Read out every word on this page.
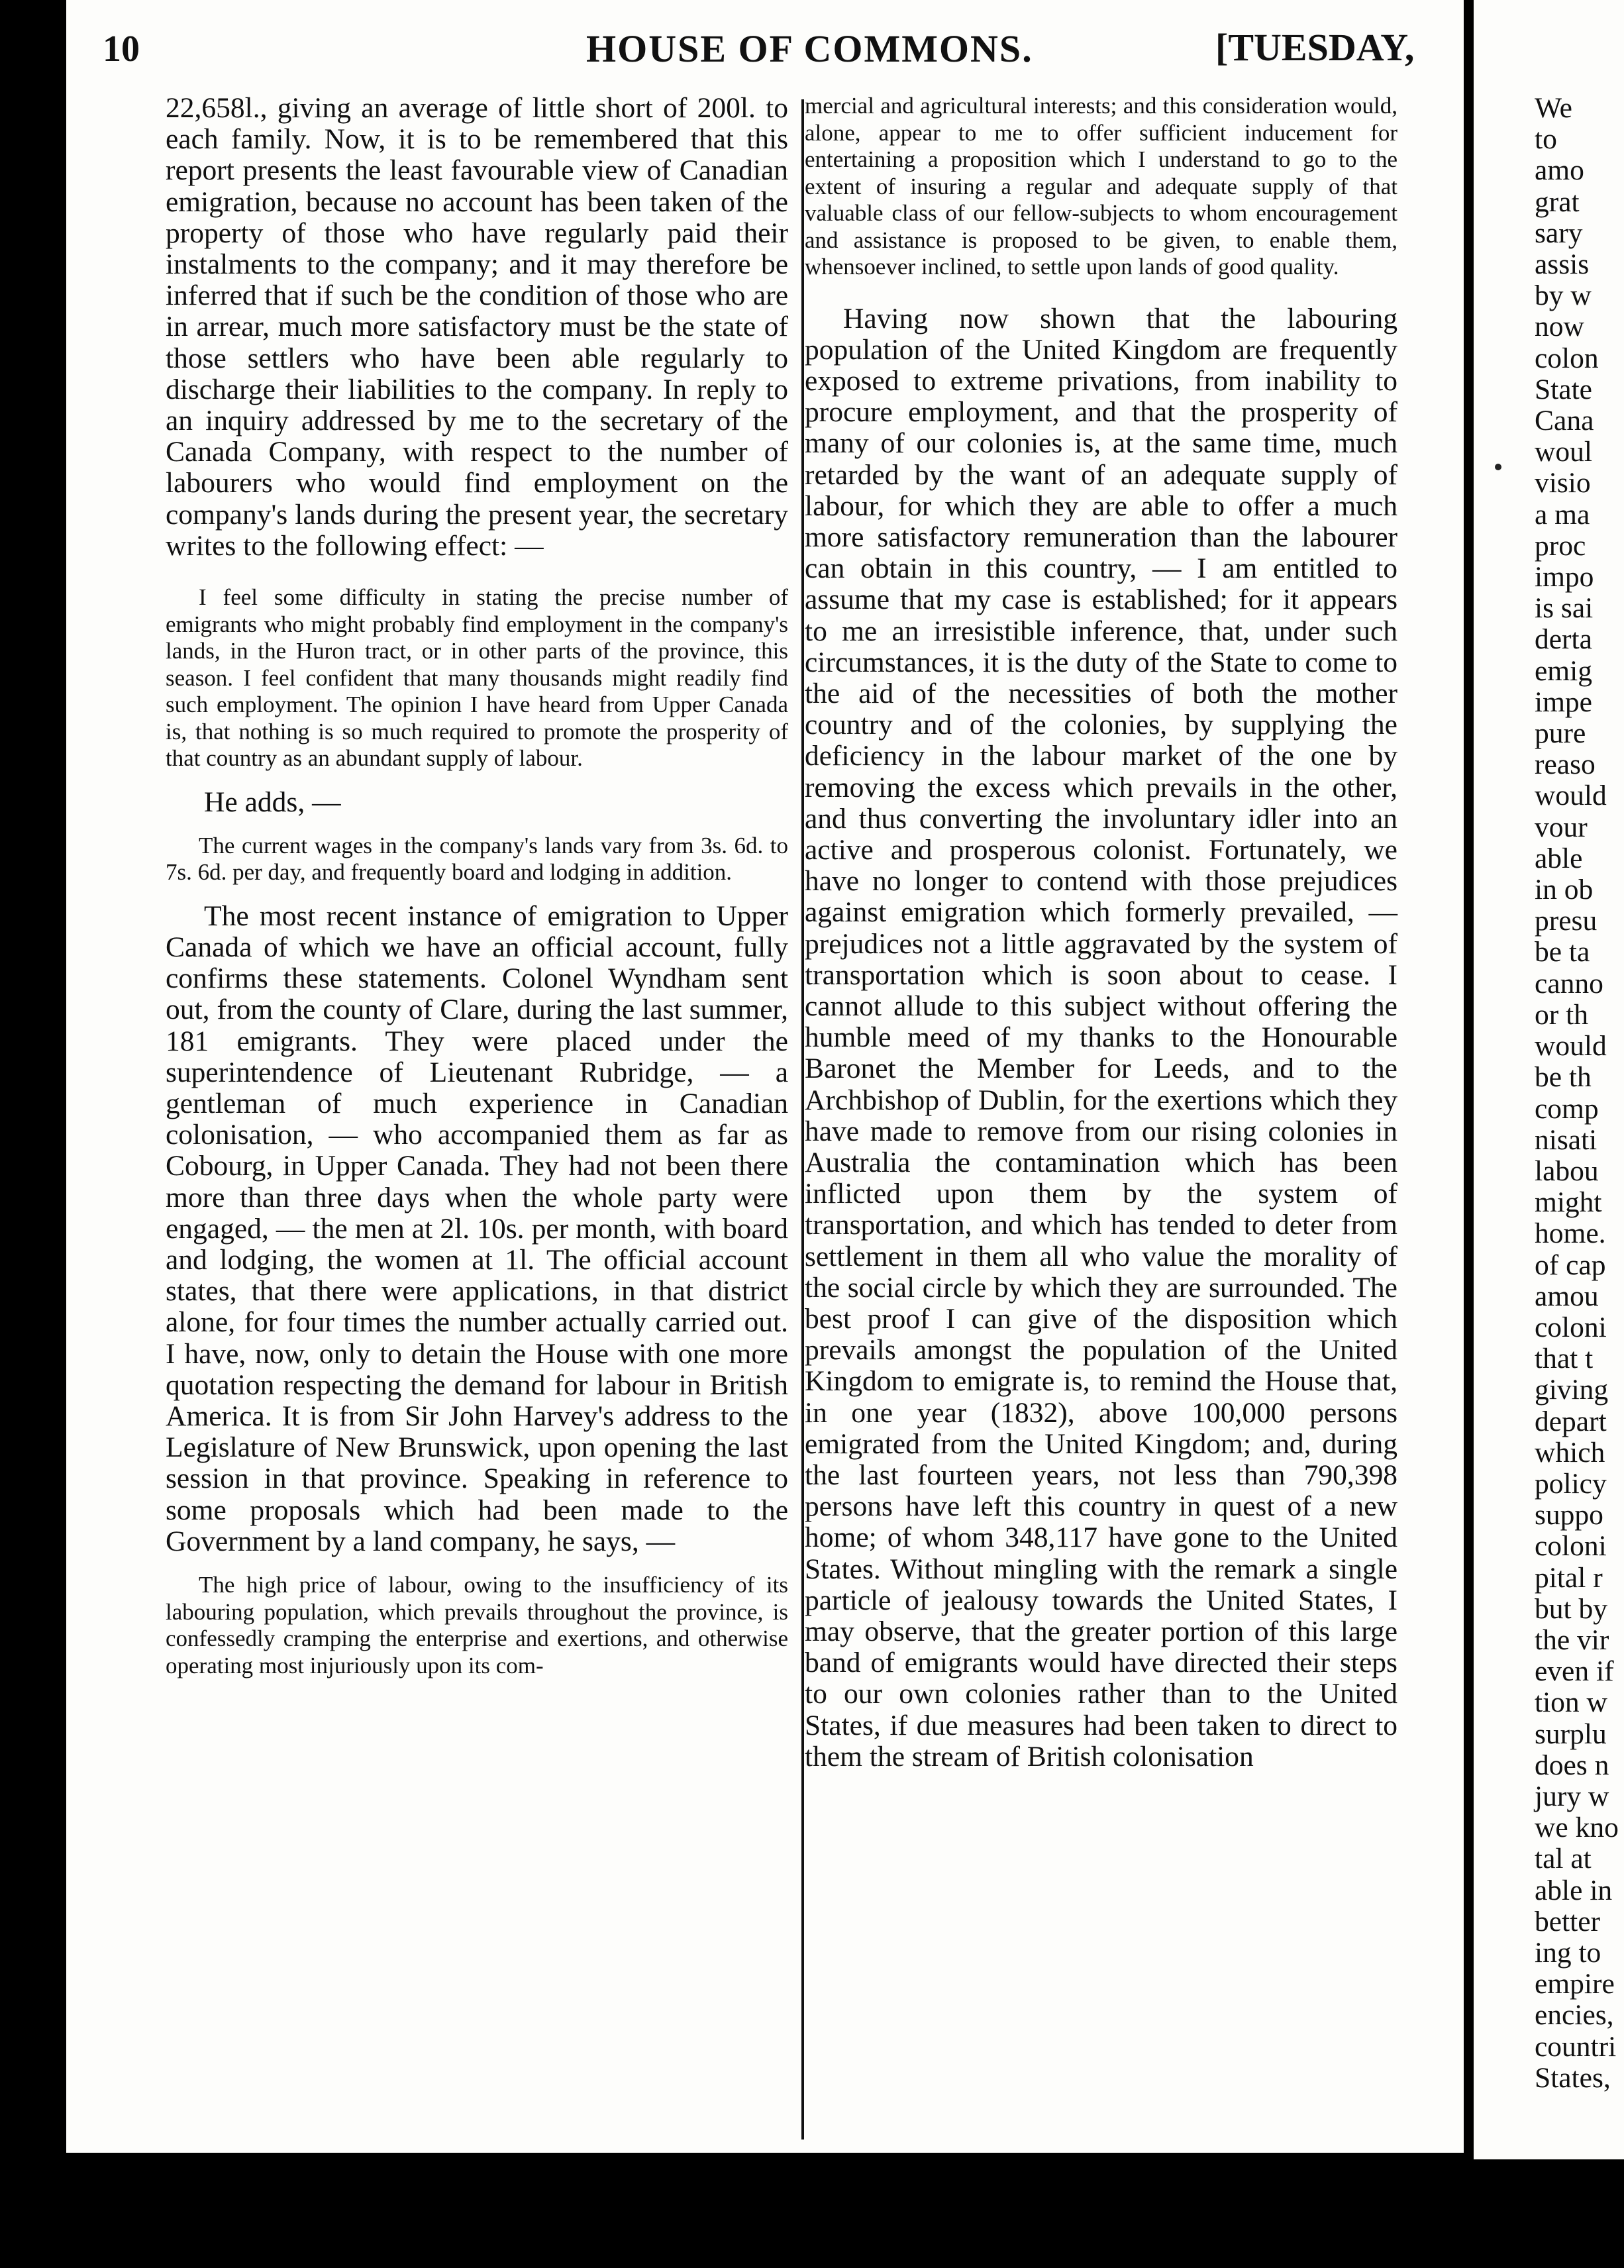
We
to
amo
grat
sary
assis
by w
now
colon
State
Cana
woul
visio
a ma
proc
impo
is sai
derta
emig
impe
pure
reaso
would
vour
able
in ob
presu
be ta
canno
or th
would
be th
comp
nisati
labou
might
home.
of cap
amou
coloni
that t
giving
depart
which
policy
suppo
coloni
pital r
but by
the vir
even if
tion w
surplu
does n
jury w
we kno
tal at
able in
better
ing to
empire
encies,
countri
States,
10	HOUSE OF COMMONS.	[TUESDAY,

22,658l., giving an average of little short of 200l. to each family. Now, it is to be remembered that this report presents the least favourable view of Canadian emigration, because no account has been taken of the property of those who have regularly paid their instalments to the company; and it may therefore be inferred that if such be the condition of those who are in arrear, much more satisfactory must be the state of those settlers who have been able regularly to discharge their liabilities to the company. In reply to an inquiry addressed by me to the secretary of the Canada Company, with respect to the number of labourers who would find employment on the company's lands during the present year, the secretary writes to the following effect: —

I feel some difficulty in stating the precise number of emigrants who might probably find employment in the company's lands, in the Huron tract, or in other parts of the province, this season. I feel confident that many thousands might readily find such employment. The opinion I have heard from Upper Canada is, that nothing is so much required to promote the prosperity of that country as an abundant supply of labour.

He adds, —

The current wages in the company's lands vary from 3s. 6d. to 7s. 6d. per day, and frequently board and lodging in addition.

The most recent instance of emigration to Upper Canada of which we have an official account, fully confirms these statements. Colonel Wyndham sent out, from the county of Clare, during the last summer, 181 emigrants. They were placed under the superintendence of Lieutenant Rubridge, — a gentleman of much experience in Canadian colonisation, — who accompanied them as far as Cobourg, in Upper Canada. They had not been there more than three days when the whole party were engaged, — the men at 2l. 10s. per month, with board and lodging, the women at 1l. The official account states, that there were applications, in that district alone, for four times the number actually carried out. I have, now, only to detain the House with one more quotation respecting the demand for labour in British America. It is from Sir John Harvey's address to the Legislature of New Brunswick, upon opening the last session in that province. Speaking in reference to some proposals which had been made to the Government by a land company, he says, —

The high price of labour, owing to the insufficiency of its labouring population, which prevails throughout the province, is confessedly cramping the enterprise and exertions, and otherwise operating most injuriously upon its com-

mercial and agricultural interests; and this consideration would, alone, appear to me to offer sufficient inducement for entertaining a proposition which I understand to go to the extent of insuring a regular and adequate supply of that valuable class of our fellow-subjects to whom encouragement and assistance is proposed to be given, to enable them, whensoever inclined, to settle upon lands of good quality.

Having now shown that the labouring population of the United Kingdom are frequently exposed to extreme privations, from inability to procure employment, and that the prosperity of many of our colonies is, at the same time, much retarded by the want of an adequate supply of labour, for which they are able to offer a much more satisfactory remuneration than the labourer can obtain in this country, — I am entitled to assume that my case is established; for it appears to me an irresistible inference, that, under such circumstances, it is the duty of the State to come to the aid of the necessities of both the mother country and of the colonies, by supplying the deficiency in the labour market of the one by removing the excess which prevails in the other, and thus converting the involuntary idler into an active and prosperous colonist. Fortunately, we have no longer to contend with those prejudices against emigration which formerly prevailed, — prejudices not a little aggravated by the system of transportation which is soon about to cease. I cannot allude to this subject without offering the humble meed of my thanks to the Honourable Baronet the Member for Leeds, and to the Archbishop of Dublin, for the exertions which they have made to remove from our rising colonies in Australia the contamination which has been inflicted upon them by the system of transportation, and which has tended to deter from settlement in them all who value the morality of the social circle by which they are surrounded. The best proof I can give of the disposition which prevails amongst the population of the United Kingdom to emigrate is, to remind the House that, in one year (1832), above 100,000 persons emigrated from the United Kingdom; and, during the last fourteen years, not less than 790,398 persons have left this country in quest of a new home; of whom 348,117 have gone to the United States. Without mingling with the remark a single particle of jealousy towards the United States, I may observe, that the greater portion of this large band of emigrants would have directed their steps to our own colonies rather than to the United States, if due measures had been taken to direct to them the stream of British colonisation
